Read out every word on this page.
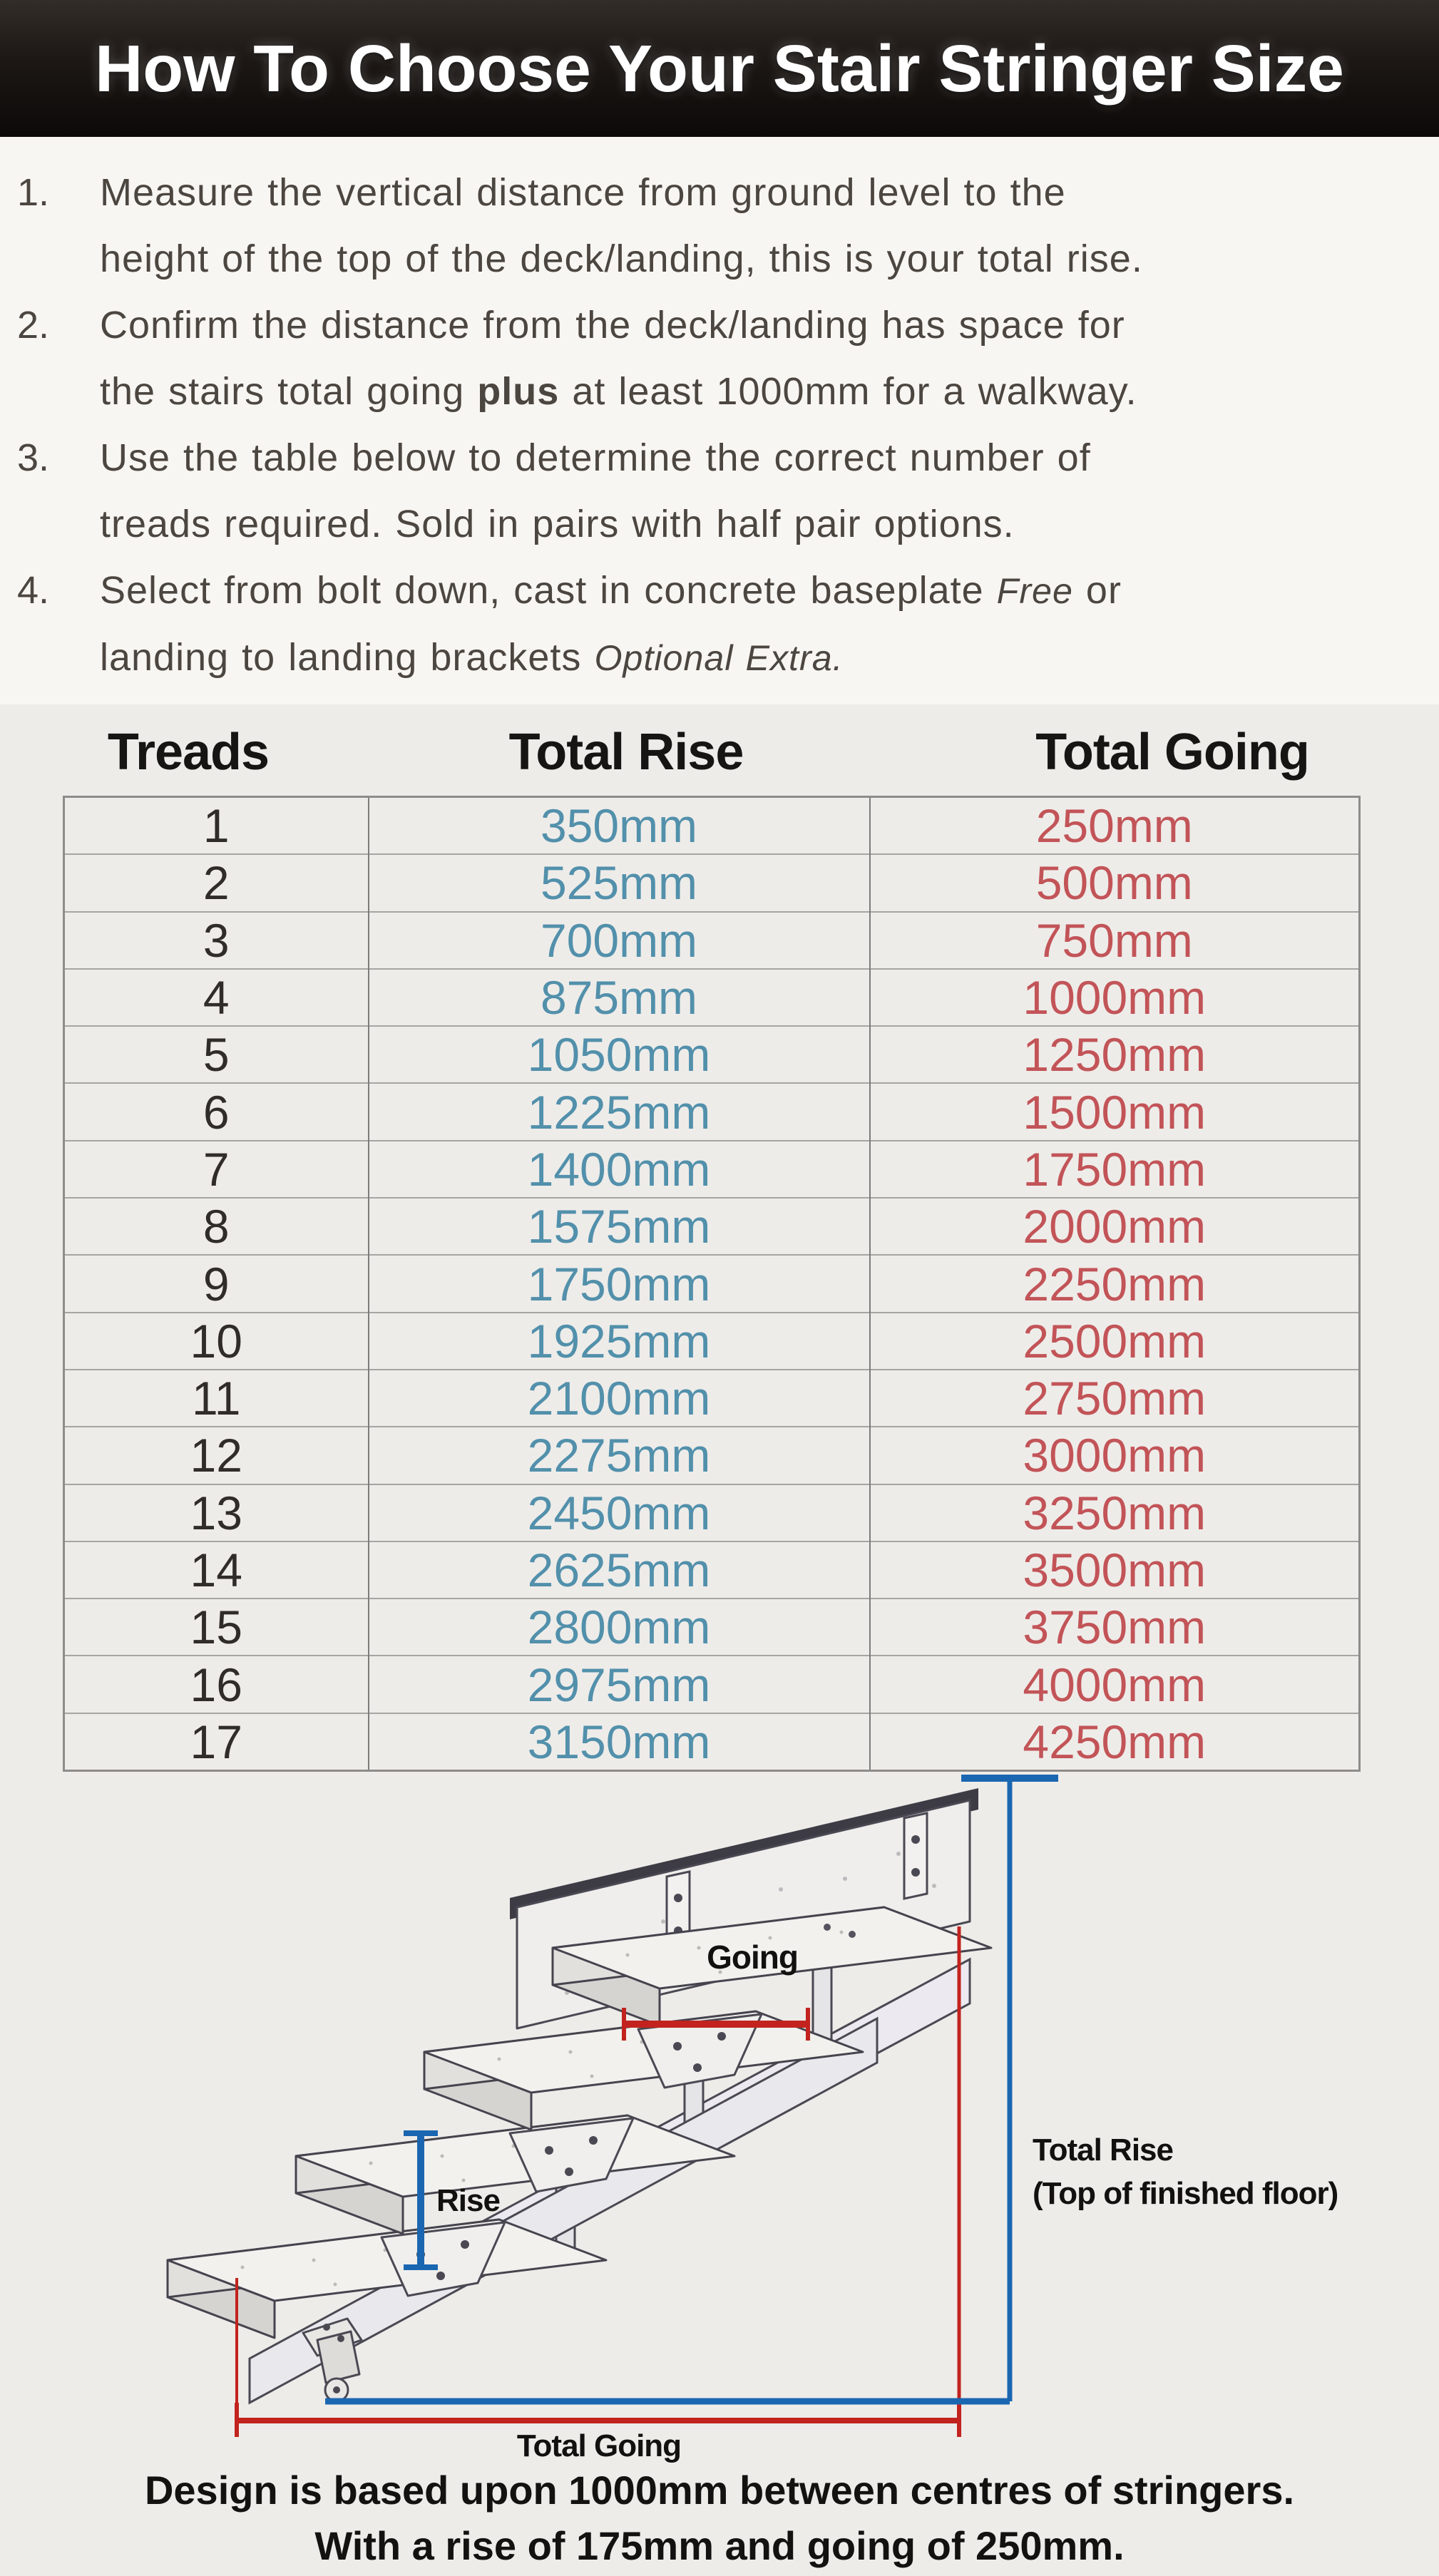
How To Choose Your Stair Stringer Size
1.	Measure the vertical distance from ground level to the
height of the top of the deck/landing, this is your total rise.
2.	Confirm the distance from the deck/landing has space for
the stairs total going plus at least 1000mm for a walkway.
3.	Use the table below to determine the correct number of
treads required. Sold in pairs with half pair options.
4.	Select from bolt down, cast in concrete baseplate Free or
landing to landing brackets Optional Extra.
Treads	Total Rise	Total Going
1	350mm	250mm
2	525mm	500mm
3	700mm	750mm
4	875mm	1000mm
5	1050mm	1250mm
6	1225mm	1500mm
7	1400mm	1750mm
8	1575mm	2000mm
9	1750mm	2250mm
10	1925mm	2500mm
11	2100mm	2750mm
12	2275mm	3000mm
13	2450mm	3250mm
14	2625mm	3500mm
15	2800mm	3750mm
16	2975mm	4000mm
17	3150mm	4250mm
Going
Rise
Total Rise
(Top of finished floor)
Total Going
Design is based upon 1000mm between centres of stringers.
With a rise of 175mm and going of 250mm.
